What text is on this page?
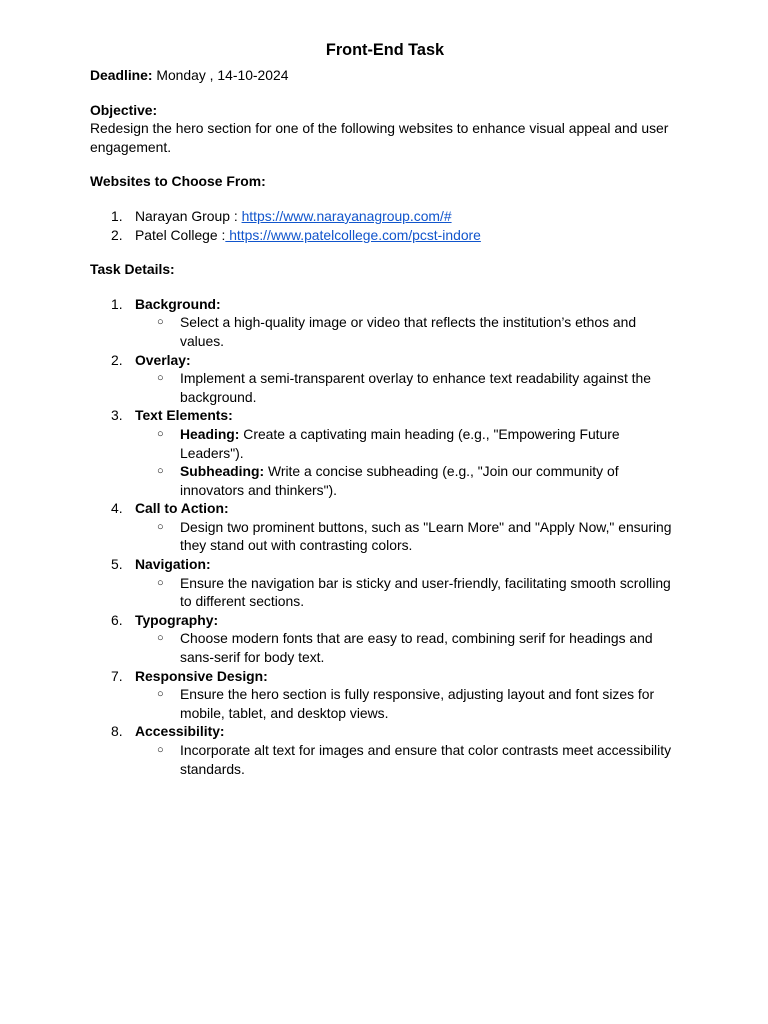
Front-End Task
Deadline: Monday , 14-10-2024
Objective:
Redesign the hero section for one of the following websites to enhance visual appeal and user engagement.
Websites to Choose From:
1. Narayan Group : https://www.narayanagroup.com/#
2. Patel College : https://www.patelcollege.com/pcst-indore
Task Details:
1. Background:
○ Select a high-quality image or video that reflects the institution’s ethos and values.
2. Overlay:
○ Implement a semi-transparent overlay to enhance text readability against the background.
3. Text Elements:
○ Heading: Create a captivating main heading (e.g., "Empowering Future Leaders").
○ Subheading: Write a concise subheading (e.g., "Join our community of innovators and thinkers").
4. Call to Action:
○ Design two prominent buttons, such as "Learn More" and "Apply Now," ensuring they stand out with contrasting colors.
5. Navigation:
○ Ensure the navigation bar is sticky and user-friendly, facilitating smooth scrolling to different sections.
6. Typography:
○ Choose modern fonts that are easy to read, combining serif for headings and sans-serif for body text.
7. Responsive Design:
○ Ensure the hero section is fully responsive, adjusting layout and font sizes for mobile, tablet, and desktop views.
8. Accessibility:
○ Incorporate alt text for images and ensure that color contrasts meet accessibility standards.
